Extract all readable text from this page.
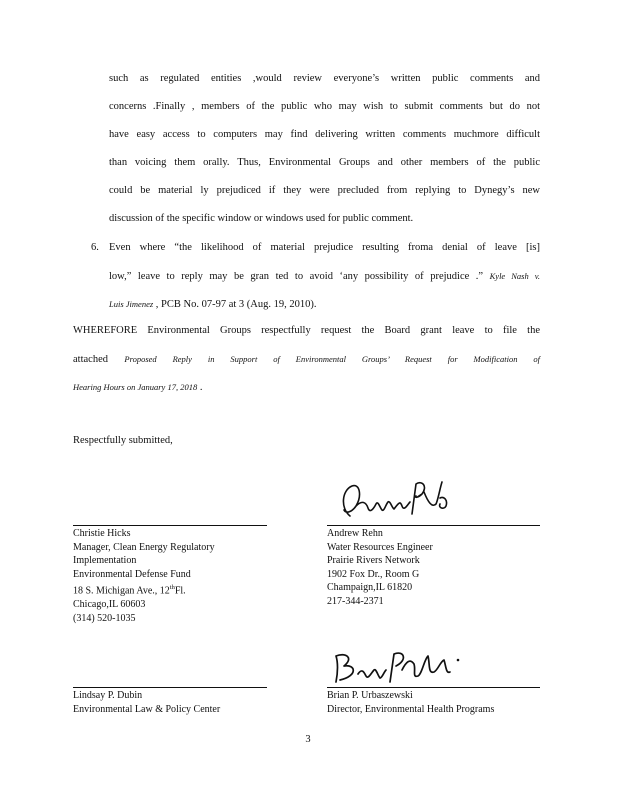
such as regulated entities ,would review everyone’s written public comments and
concerns .Finally , members of the public who may wish to submit comments but do not
have easy access to computers may find delivering written comments muchmore difficult
than voicing them orally. Thus, Environmental Groups and other members of the public
could be material ly prejudiced if they were precluded from replying to Dynegy’s new
discussion of the specific window or windows used for public comment.
6. Even where “the likelihood of material prejudice resulting froma denial of leave [is]
low,” leave to reply may be gran ted to avoid ‘any possibility of prejudice .” Kyle Nash v.
Luis Jimenez , PCB No. 07-97 at 3 (Aug. 19, 2010).
WHEREFORE Environmental Groups respectfully request the Board grant leave to file the
attached Proposed Reply in Support of Environmental Groups’ Request for Modification of
Hearing Hours on January 17, 2018 .
Respectfully submitted,
Christie Hicks
Manager, Clean Energy Regulatory
Implementation
Environmental Defense Fund
18 S. Michigan Ave., 12thFl.
Chicago,IL 60603
(314) 520-1035
Andrew Rehn
Water Resources Engineer
Prairie Rivers Network
1902 Fox Dr., Room G
Champaign,IL 61820
217-344-2371
Lindsay P. Dubin
Environmental Law & Policy Center
Brian P. Urbaszewski
Director, Environmental Health Programs
3
